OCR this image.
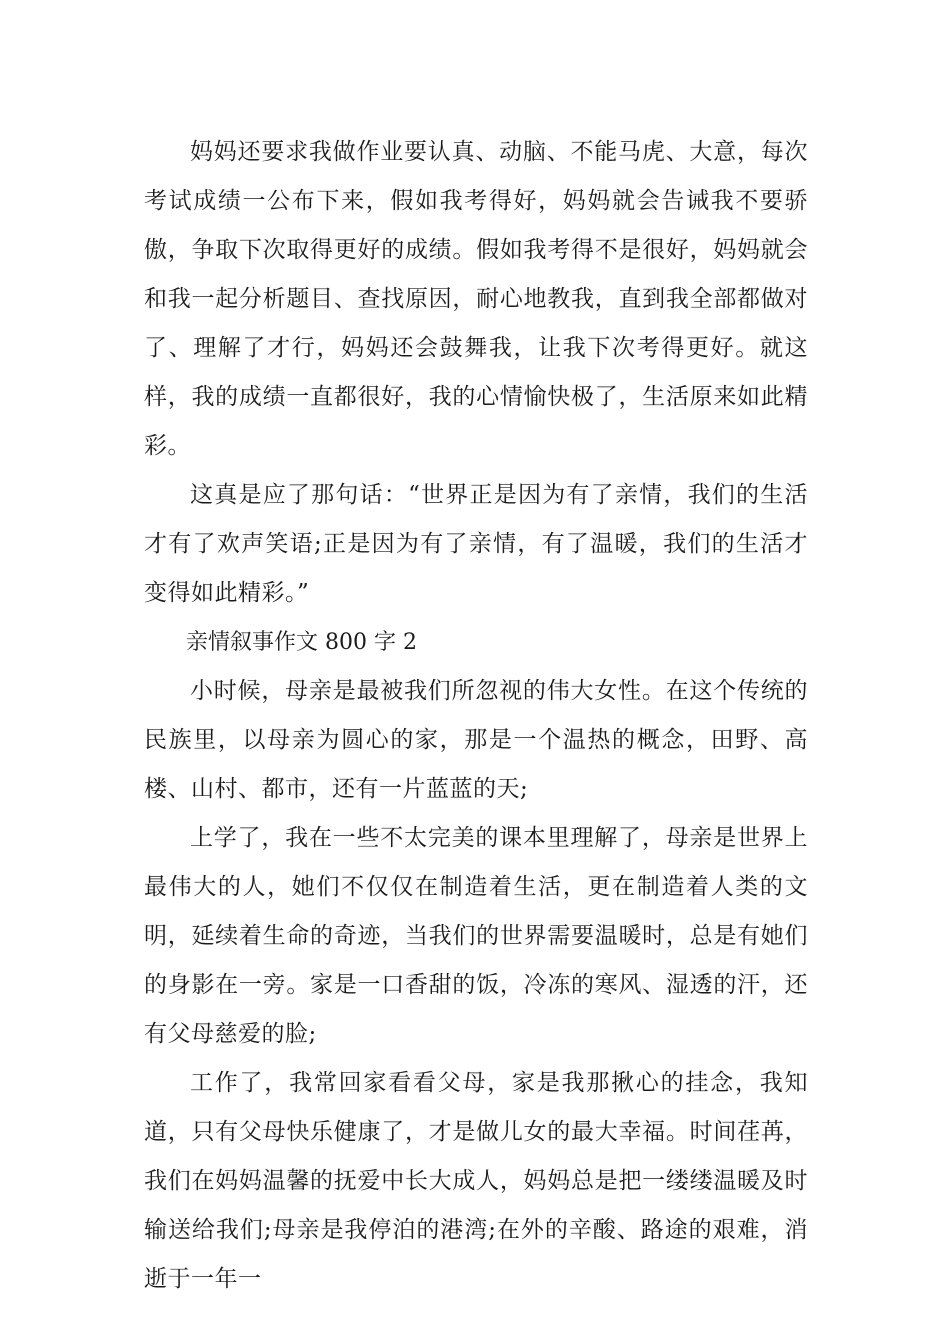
妈妈还要求我做作业要认真、动脑、不能马虎、大意，每次考试成绩一公布下来，假如我考得好，妈妈就会告诫我不要骄傲，争取下次取得更好的成绩。假如我考得不是很好，妈妈就会和我一起分析题目、查找原因，耐心地教我，直到我全部都做对了、理解了才行，妈妈还会鼓舞我，让我下次考得更好。就这样，我的成绩一直都很好，我的心情愉快极了，生活原来如此精彩。

这真是应了那句话：“世界正是因为有了亲情，我们的生活才有了欢声笑语;正是因为有了亲情，有了温暖，我们的生活才变得如此精彩。”

亲情叙事作文 800 字 2

小时候，母亲是最被我们所忽视的伟大女性。在这个传统的民族里，以母亲为圆心的家，那是一个温热的概念，田野、高楼、山村、都市，还有一片蓝蓝的天;

上学了，我在一些不太完美的课本里理解了，母亲是世界上最伟大的人，她们不仅仅在制造着生活，更在制造着人类的文明，延续着生命的奇迹，当我们的世界需要温暖时，总是有她们的身影在一旁。家是一口香甜的饭，冷冻的寒风、湿透的汗，还有父母慈爱的脸;

工作了，我常回家看看父母，家是我那揪心的挂念，我知道，只有父母快乐健康了，才是做儿女的最大幸福。时间荏苒，我们在妈妈温馨的抚爱中长大成人，妈妈总是把一缕缕温暖及时输送给我们;母亲是我停泊的港湾;在外的辛酸、路途的艰难，消逝于一年一
